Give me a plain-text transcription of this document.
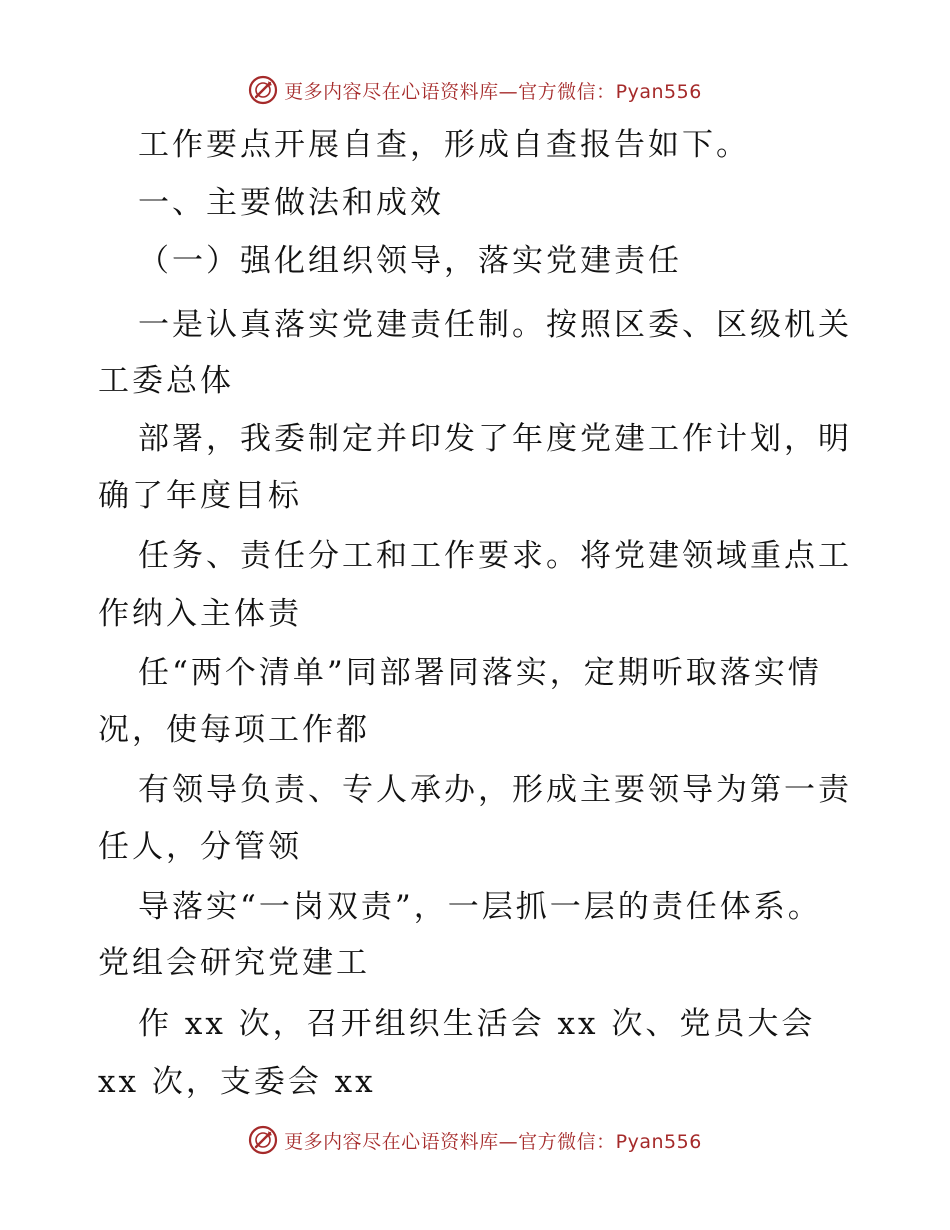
更多内容尽在心语资料库—官方微信：Pyan556
工作要点开展自查，形成自查报告如下。
一、主要做法和成效
（一）强化组织领导，落实党建责任
一是认真落实党建责任制。按照区委、区级机关
工委总体
部署，我委制定并印发了年度党建工作计划，明
确了年度目标
任务、责任分工和工作要求。将党建领域重点工
作纳入主体责
任“两个清单”同部署同落实，定期听取落实情
况，使每项工作都
有领导负责、专人承办，形成主要领导为第一责
任人，分管领
导落实“一岗双责”，一层抓一层的责任体系。
党组会研究党建工
作 xx 次，召开组织生活会 xx 次、党员大会
xx 次，支委会 xx
更多内容尽在心语资料库—官方微信：Pyan556
